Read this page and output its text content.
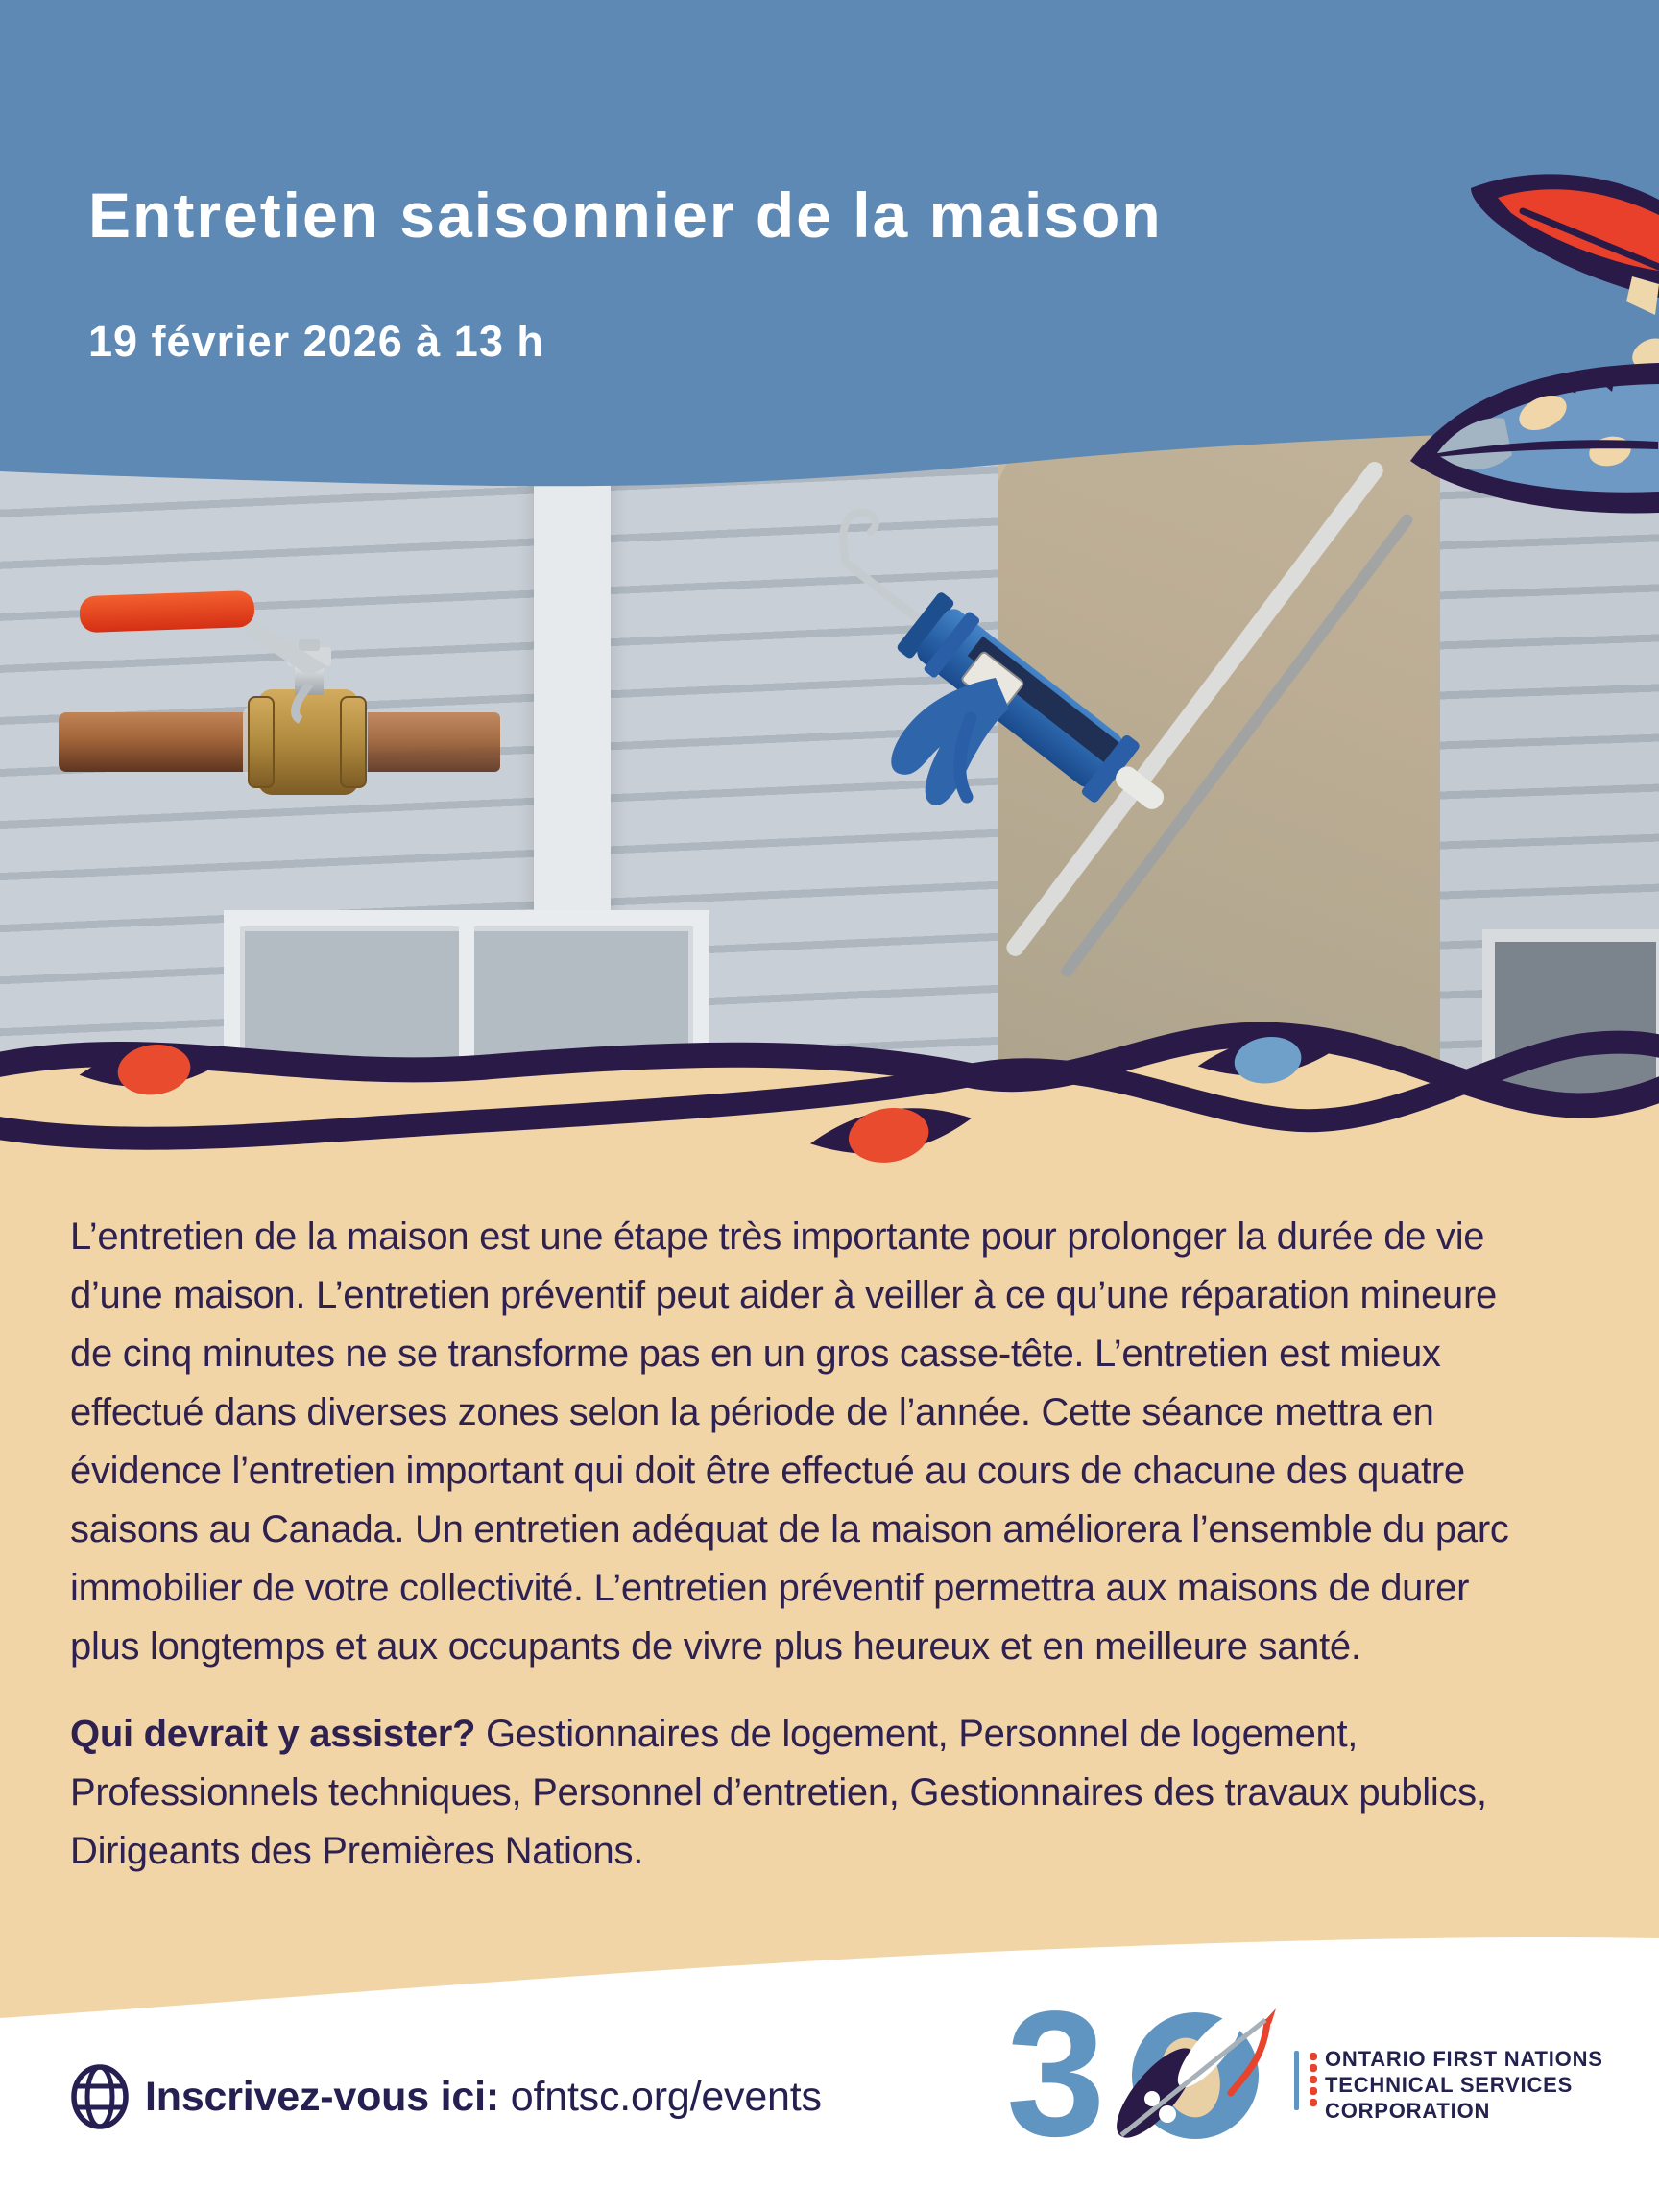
Entretien saisonnier de la maison
19 février 2026 à 13 h

L’entretien de la maison est une étape très importante pour prolonger la durée de vie d’une maison. L’entretien préventif peut aider à veiller à ce qu’une réparation mineure de cinq minutes ne se transforme pas en un gros casse-tête. L’entretien est mieux effectué dans diverses zones selon la période de l’année. Cette séance mettra en évidence l’entretien important qui doit être effectué au cours de chacune des quatre saisons au Canada. Un entretien adéquat de la maison améliorera l’ensemble du parc immobilier de votre collectivité. L’entretien préventif permettra aux maisons de durer plus longtemps et aux occupants de vivre plus heureux et en meilleure santé.

Qui devrait y assister? Gestionnaires de logement, Personnel de logement, Professionnels techniques, Personnel d’entretien, Gestionnaires des travaux publics, Dirigeants des Premières Nations.

Inscrivez-vous ici: ofntsc.org/events 3	ONTARIO FIRST NATIONS
TECHNICAL SERVICES
CORPORATION
